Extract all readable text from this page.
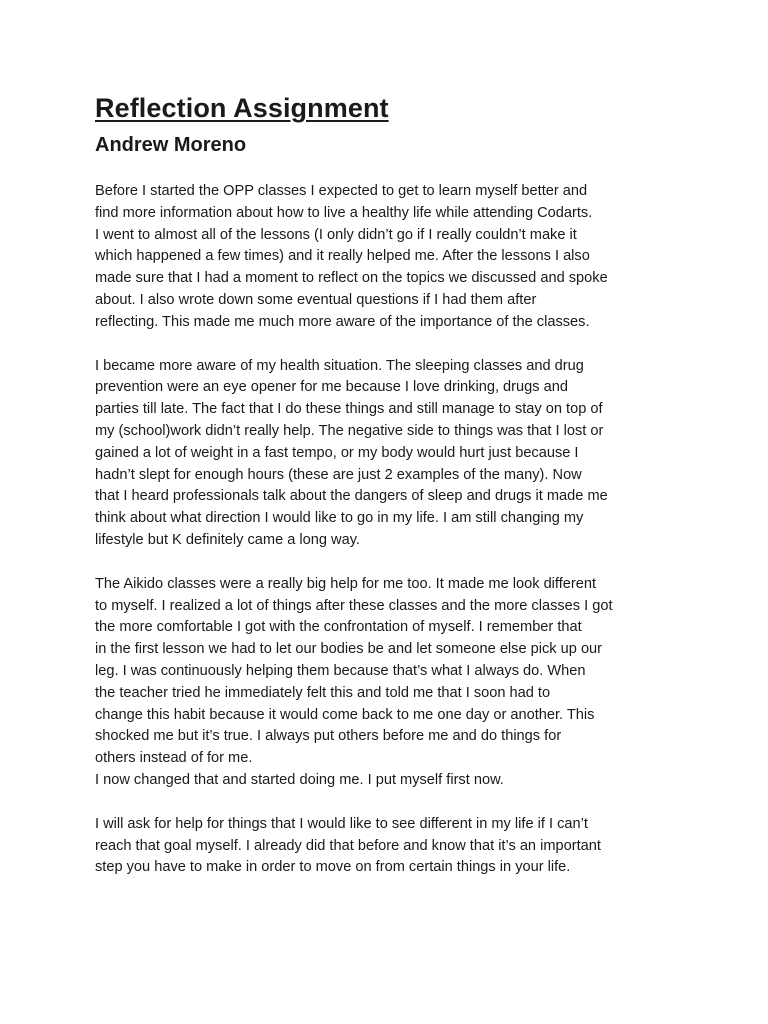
Reflection Assignment
Andrew Moreno

Before I started the OPP classes I expected to get to learn myself better and
find more information about how to live a healthy life while attending Codarts.
I went to almost all of the lessons (I only didn’t go if I really couldn’t make it
which happened a few times) and it really helped me. After the lessons I also
made sure that I had a moment to reflect on the topics we discussed and spoke
about. I also wrote down some eventual questions if I had them after
reflecting. This made me much more aware of the importance of the classes.

I became more aware of my health situation. The sleeping classes and drug
prevention were an eye opener for me because I love drinking, drugs and
parties till late. The fact that I do these things and still manage to stay on top of
my (school)work didn’t really help. The negative side to things was that I lost or
gained a lot of weight in a fast tempo, or my body would hurt just because I
hadn’t slept for enough hours (these are just 2 examples of the many). Now
that I heard professionals talk about the dangers of sleep and drugs it made me
think about what direction I would like to go in my life. I am still changing my
lifestyle but K definitely came a long way.

The Aikido classes were a really big help for me too. It made me look different
to myself. I realized a lot of things after these classes and the more classes I got
the more comfortable I got with the confrontation of myself. I remember that
in the first lesson we had to let our bodies be and let someone else pick up our
leg. I was continuously helping them because that’s what I always do. When
the teacher tried he immediately felt this and told me that I soon had to
change this habit because it would come back to me one day or another. This
shocked me but it’s true. I always put others before me and do things for
others instead of for me.
I now changed that and started doing me. I put myself first now.

I will ask for help for things that I would like to see different in my life if I can’t
reach that goal myself. I already did that before and know that it’s an important
step you have to make in order to move on from certain things in your life.
